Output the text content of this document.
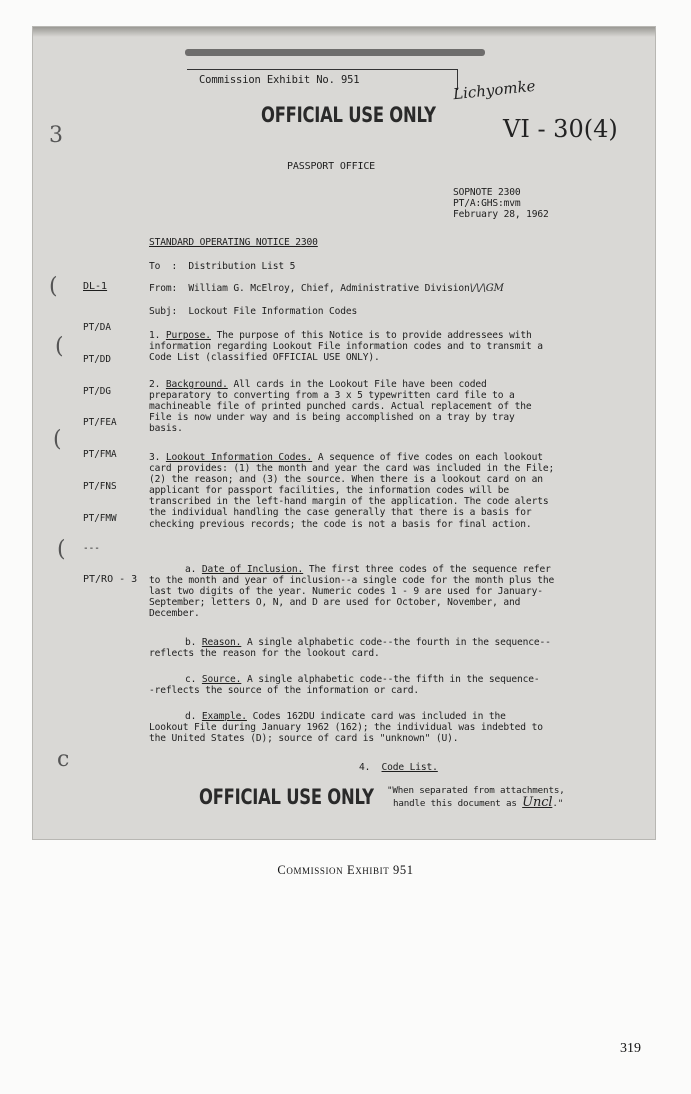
Commission Exhibit No. 951	Lichyomke
OFFICIAL USE ONLY	VI - 30(4)
PASSPORT OFFICE
SOPNOTE 2300
PT/A:GHS:mvm
February 28, 1962
STANDARD OPERATING NOTICE 2300

DL-1

PT/DA

PT/DD

PT/DG

PT/FEA

PT/FMA

PT/FNS

PT/FMW

---

PT/RO - 3

To  :  Distribution List 5
From:  William G. McElroy, Chief, Administrative Division\/\/\GM
Subj:  Lockout File Information Codes

1. Purpose. The purpose of this Notice is to provide addressees with information regarding Lookout File information codes and to transmit a Code List (classified OFFICIAL USE ONLY).

2. Background. All cards in the Lookout File have been coded preparatory to converting from a 3 x 5 typewritten card file to a machineable file of printed punched cards. Actual replacement of the File is now under way and is being accomplished on a tray by tray basis.

3. Lookout Information Codes. A sequence of five codes on each lookout card provides: (1) the month and year the card was included in the File; (2) the reason; and (3) the source. When there is a lookout card on an applicant for passport facilities, the information codes will be transcribed in the left-hand margin of the application. The code alerts the individual handling the case generally that there is a basis for checking previous records; the code is not a basis for final action.

a. Date of Inclusion. The first three codes of the sequence refer to the month and year of inclusion--a single code for the month plus the last two digits of the year. Numeric codes 1 - 9 are used for January-September; letters O, N, and D are used for October, November, and December.

b. Reason. A single alphabetic code--the fourth in the sequence--reflects the reason for the lookout card.

c. Source. A single alphabetic code--the fifth in the sequence--reflects the source of the information or card.

d. Example. Codes 162DU indicate card was included in the Lookout File during January 1962 (162); the individual was indebted to the United States (D); source of card is "unknown" (U).

4. Code List.
OFFICIAL USE ONLY "When separated from attachments,
handle this document as Uncl."
3
(
(
(
(
c
Commission Exhibit 951
319
